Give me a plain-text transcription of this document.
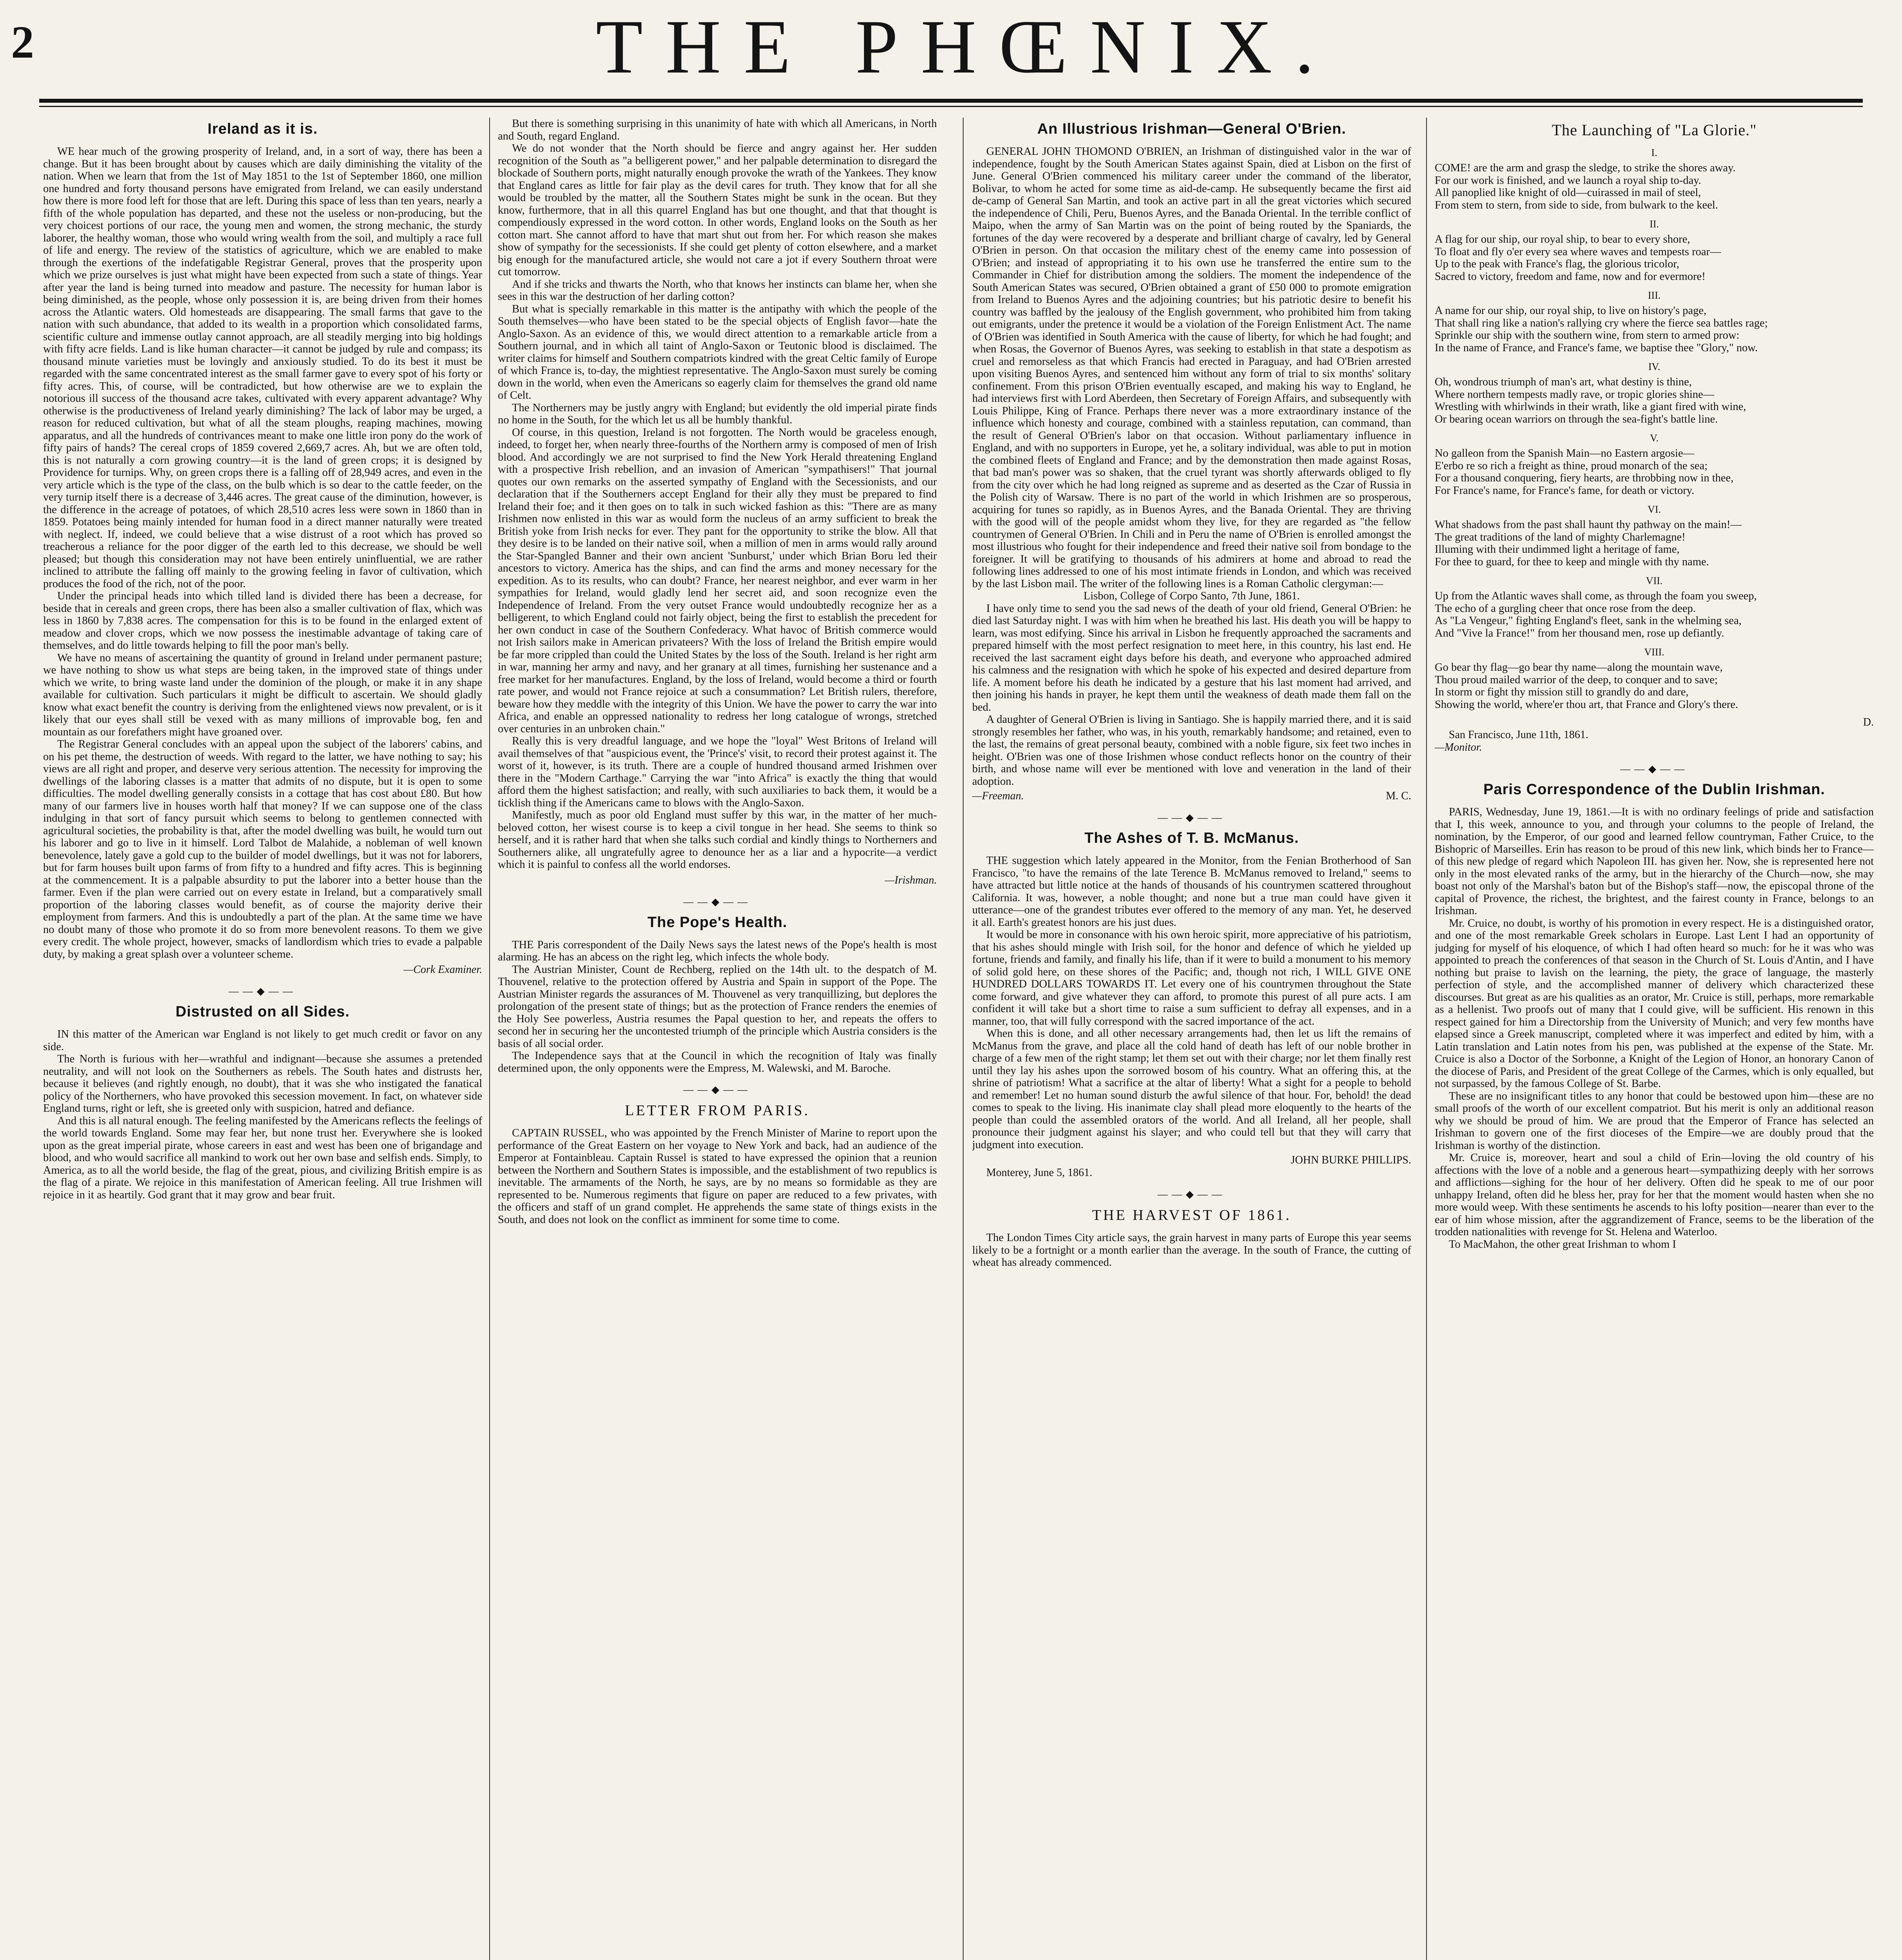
2	THE PHŒNIX.
Ireland as it is.

WE hear much of the growing prosperity of Ireland, and, in a sort of way, there has been a change. But it has been brought about by causes which are daily diminishing the vitality of the nation. When we learn that from the 1st of May 1851 to the 1st of September 1860, one million one hundred and forty thousand persons have emigrated from Ireland, we can easily understand how there is more food left for those that are left. During this space of less than ten years, nearly a fifth of the whole population has departed, and these not the useless or non-producing, but the very choicest portions of our race, the young men and women, the strong mechanic, the sturdy laborer, the healthy woman, those who would wring wealth from the soil, and multiply a race full of life and energy. The review of the statistics of agriculture, which we are enabled to make through the exertions of the indefatigable Registrar General, proves that the prosperity upon which we prize ourselves is just what might have been expected from such a state of things. Year after year the land is being turned into meadow and pasture. The necessity for human labor is being diminished, as the people, whose only possession it is, are being driven from their homes across the Atlantic waters. Old homesteads are disappearing. The small farms that gave to the nation with such abundance, that added to its wealth in a proportion which consolidated farms, scientific culture and immense outlay cannot approach, are all steadily merging into big holdings with fifty acre fields. Land is like human character—it cannot be judged by rule and compass; its thousand minute varieties must be lovingly and anxiously studied. To do its best it must be regarded with the same concentrated interest as the small farmer gave to every spot of his forty or fifty acres. This, of course, will be contradicted, but how otherwise are we to explain the notorious ill success of the thousand acre takes, cultivated with every apparent advantage? Why otherwise is the productiveness of Ireland yearly diminishing? The lack of labor may be urged, a reason for reduced cultivation, but what of all the steam ploughs, reaping machines, mowing apparatus, and all the hundreds of contrivances meant to make one little iron pony do the work of fifty pairs of hands? The cereal crops of 1859 covered 2,669,7 acres. Ah, but we are often told, this is not naturally a corn growing country—it is the land of green crops; it is designed by Providence for turnips. Why, on green crops there is a falling off of 28,949 acres, and even in the very article which is the type of the class, on the bulb which is so dear to the cattle feeder, on the very turnip itself there is a decrease of 3,446 acres. The great cause of the diminution, however, is the difference in the acreage of potatoes, of which 28,510 acres less were sown in 1860 than in 1859. Potatoes being mainly intended for human food in a direct manner naturally were treated with neglect. If, indeed, we could believe that a wise distrust of a root which has proved so treacherous a reliance for the poor digger of the earth led to this decrease, we should be well pleased; but though this consideration may not have been entirely uninfluential, we are rather inclined to attribute the falling off mainly to the growing feeling in favor of cultivation, which produces the food of the rich, not of the poor.

Under the principal heads into which tilled land is divided there has been a decrease, for beside that in cereals and green crops, there has been also a smaller cultivation of flax, which was less in 1860 by 7,838 acres. The compensation for this is to be found in the enlarged extent of meadow and clover crops, which we now possess the inestimable advantage of taking care of themselves, and do little towards helping to fill the poor man's belly.

We have no means of ascertaining the quantity of ground in Ireland under permanent pasture; we have nothing to show us what steps are being taken, in the improved state of things under which we write, to bring waste land under the dominion of the plough, or make it in any shape available for cultivation. Such particulars it might be difficult to ascertain. We should gladly know what exact benefit the country is deriving from the enlightened views now prevalent, or is it likely that our eyes shall still be vexed with as many millions of improvable bog, fen and mountain as our forefathers might have groaned over.

The Registrar General concludes with an appeal upon the subject of the laborers' cabins, and on his pet theme, the destruction of weeds. With regard to the latter, we have nothing to say; his views are all right and proper, and deserve very serious attention. The necessity for improving the dwellings of the laboring classes is a matter that admits of no dispute, but it is open to some difficulties. The model dwelling generally consists in a cottage that has cost about £80. But how many of our farmers live in houses worth half that money? If we can suppose one of the class indulging in that sort of fancy pursuit which seems to belong to gentlemen connected with agricultural societies, the probability is that, after the model dwelling was built, he would turn out his laborer and go to live in it himself. Lord Talbot de Malahide, a nobleman of well known benevolence, lately gave a gold cup to the builder of model dwellings, but it was not for laborers, but for farm houses built upon farms of from fifty to a hundred and fifty acres. This is beginning at the commencement. It is a palpable absurdity to put the laborer into a better house than the farmer. Even if the plan were carried out on every estate in Ireland, but a comparatively small proportion of the laboring classes would benefit, as of course the majority derive their employment from farmers. And this is undoubtedly a part of the plan. At the same time we have no doubt many of those who promote it do so from more benevolent reasons. To them we give every credit. The whole project, however, smacks of landlordism which tries to evade a palpable duty, by making a great splash over a volunteer scheme.

—Cork Examiner.
——◆——
Distrusted on all Sides.

IN this matter of the American war England is not likely to get much credit or favor on any side.

The North is furious with her—wrathful and indignant—because she assumes a pretended neutrality, and will not look on the Southerners as rebels. The South hates and distrusts her, because it believes (and rightly enough, no doubt), that it was she who instigated the fanatical policy of the Northerners, who have provoked this secession movement. In fact, on whatever side England turns, right or left, she is greeted only with suspicion, hatred and defiance.

And this is all natural enough. The feeling manifested by the Americans reflects the feelings of the world towards England. Some may fear her, but none trust her. Everywhere she is looked upon as the great imperial pirate, whose careers in east and west has been one of brigandage and blood, and who would sacrifice all mankind to work out her own base and selfish ends. Simply, to America, as to all the world beside, the flag of the great, pious, and civilizing British empire is as the flag of a pirate. We rejoice in this manifestation of American feeling. All true Irishmen will rejoice in it as heartily. God grant that it may grow and bear fruit.

But there is something surprising in this unanimity of hate with which all Americans, in North and South, regard England.

We do not wonder that the North should be fierce and angry against her. Her sudden recognition of the South as "a belligerent power," and her palpable determination to disregard the blockade of Southern ports, might naturally enough provoke the wrath of the Yankees. They know that England cares as little for fair play as the devil cares for truth. They know that for all she would be troubled by the matter, all the Southern States might be sunk in the ocean. But they know, furthermore, that in all this quarrel England has but one thought, and that that thought is compendiously expressed in the word cotton. In other words, England looks on the South as her cotton mart. She cannot afford to have that mart shut out from her. For which reason she makes show of sympathy for the secessionists. If she could get plenty of cotton elsewhere, and a market big enough for the manufactured article, she would not care a jot if every Southern throat were cut tomorrow.

And if she tricks and thwarts the North, who that knows her instincts can blame her, when she sees in this war the destruction of her darling cotton?

But what is specially remarkable in this matter is the antipathy with which the people of the South themselves—who have been stated to be the special objects of English favor—hate the Anglo-Saxon. As an evidence of this, we would direct attention to a remarkable article from a Southern journal, and in which all taint of Anglo-Saxon or Teutonic blood is disclaimed. The writer claims for himself and Southern compatriots kindred with the great Celtic family of Europe of which France is, to-day, the mightiest representative. The Anglo-Saxon must surely be coming down in the world, when even the Americans so eagerly claim for themselves the grand old name of Celt.

The Northerners may be justly angry with England; but evidently the old imperial pirate finds no home in the South, for the which let us all be humbly thankful.

Of course, in this question, Ireland is not forgotten. The North would be graceless enough, indeed, to forget her, when nearly three-fourths of the Northern army is composed of men of Irish blood. And accordingly we are not surprised to find the New York Herald threatening England with a prospective Irish rebellion, and an invasion of American "sympathisers!" That journal quotes our own remarks on the asserted sympathy of England with the Secessionists, and our declaration that if the Southerners accept England for their ally they must be prepared to find Ireland their foe; and it then goes on to talk in such wicked fashion as this: "There are as many Irishmen now enlisted in this war as would form the nucleus of an army sufficient to break the British yoke from Irish necks for ever. They pant for the opportunity to strike the blow. All that they desire is to be landed on their native soil, when a million of men in arms would rally around the Star-Spangled Banner and their own ancient 'Sunburst,' under which Brian Boru led their ancestors to victory. America has the ships, and can find the arms and money necessary for the expedition. As to its results, who can doubt? France, her nearest neighbor, and ever warm in her sympathies for Ireland, would gladly lend her secret aid, and soon recognize even the Independence of Ireland. From the very outset France would undoubtedly recognize her as a belligerent, to which England could not fairly object, being the first to establish the precedent for her own conduct in case of the Southern Confederacy. What havoc of British commerce would not Irish sailors make in American privateers? With the loss of Ireland the British empire would be far more crippled than could the United States by the loss of the South. Ireland is her right arm in war, manning her army and navy, and her granary at all times, furnishing her sustenance and a free market for her manufactures. England, by the loss of Ireland, would become a third or fourth rate power, and would not France rejoice at such a consummation? Let British rulers, therefore, beware how they meddle with the integrity of this Union. We have the power to carry the war into Africa, and enable an oppressed nationality to redress her long catalogue of wrongs, stretched over centuries in an unbroken chain."

Really this is very dreadful language, and we hope the "loyal" West Britons of Ireland will avail themselves of that "auspicious event, the 'Prince's' visit, to record their protest against it. The worst of it, however, is its truth. There are a couple of hundred thousand armed Irishmen over there in the "Modern Carthage." Carrying the war "into Africa" is exactly the thing that would afford them the highest satisfaction; and really, with such auxiliaries to back them, it would be a ticklish thing if the Americans came to blows with the Anglo-Saxon.

Manifestly, much as poor old England must suffer by this war, in the matter of her much-beloved cotton, her wisest course is to keep a civil tongue in her head. She seems to think so herself, and it is rather hard that when she talks such cordial and kindly things to Northerners and Southerners alike, all ungratefully agree to denounce her as a liar and a hypocrite—a verdict which it is painful to confess all the world endorses.

—Irishman.
——◆——
The Pope's Health.

THE Paris correspondent of the Daily News says the latest news of the Pope's health is most alarming. He has an abcess on the right leg, which infects the whole body.

The Austrian Minister, Count de Rechberg, replied on the 14th ult. to the despatch of M. Thouvenel, relative to the protection offered by Austria and Spain in support of the Pope. The Austrian Minister regards the assurances of M. Thouvenel as very tranquillizing, but deplores the prolongation of the present state of things; but as the protection of France renders the enemies of the Holy See powerless, Austria resumes the Papal question to her, and repeats the offers to second her in securing her the uncontested triumph of the principle which Austria considers is the basis of all social order.

The Independence says that at the Council in which the recognition of Italy was finally determined upon, the only opponents were the Empress, M. Walewski, and M. Baroche.

——◆——
LETTER FROM PARIS.

CAPTAIN RUSSEL, who was appointed by the French Minister of Marine to report upon the performance of the Great Eastern on her voyage to New York and back, had an audience of the Emperor at Fontainbleau. Captain Russel is stated to have expressed the opinion that a reunion between the Northern and Southern States is impossible, and the establishment of two republics is inevitable. The armaments of the North, he says, are by no means so formidable as they are represented to be. Numerous regiments that figure on paper are reduced to a few privates, with the officers and staff of un grand complet. He apprehends the same state of things exists in the South, and does not look on the conflict as imminent for some time to come.

An Illustrious Irishman—General O'Brien.

GENERAL JOHN THOMOND O'BRIEN, an Irishman of distinguished valor in the war of independence, fought by the South American States against Spain, died at Lisbon on the first of June. General O'Brien commenced his military career under the command of the liberator, Bolivar, to whom he acted for some time as aid-de-camp. He subsequently became the first aid de-camp of General San Martin, and took an active part in all the great victories which secured the independence of Chili, Peru, Buenos Ayres, and the Banada Oriental. In the terrible conflict of Maipo, when the army of San Martin was on the point of being routed by the Spaniards, the fortunes of the day were recovered by a desperate and brilliant charge of cavalry, led by General O'Brien in person. On that occasion the military chest of the enemy came into possession of O'Brien; and instead of appropriating it to his own use he transferred the entire sum to the Commander in Chief for distribution among the soldiers. The moment the independence of the South American States was secured, O'Brien obtained a grant of £50 000 to promote emigration from Ireland to Buenos Ayres and the adjoining countries; but his patriotic desire to benefit his country was baffled by the jealousy of the English government, who prohibited him from taking out emigrants, under the pretence it would be a violation of the Foreign Enlistment Act. The name of O'Brien was identified in South America with the cause of liberty, for which he had fought; and when Rosas, the Governor of Buenos Ayres, was seeking to establish in that state a despotism as cruel and remorseless as that which Francis had erected in Paraguay, and had O'Brien arrested upon visiting Buenos Ayres, and sentenced him without any form of trial to six months' solitary confinement. From this prison O'Brien eventually escaped, and making his way to England, he had interviews first with Lord Aberdeen, then Secretary of Foreign Affairs, and subsequently with Louis Philippe, King of France. Perhaps there never was a more extraordinary instance of the influence which honesty and courage, combined with a stainless reputation, can command, than the result of General O'Brien's labor on that occasion. Without parliamentary influence in England, and with no supporters in Europe, yet he, a solitary individual, was able to put in motion the combined fleets of England and France; and by the demonstration then made against Rosas, that bad man's power was so shaken, that the cruel tyrant was shortly afterwards obliged to fly from the city over which he had long reigned as supreme and as deserted as the Czar of Russia in the Polish city of Warsaw. There is no part of the world in which Irishmen are so prosperous, acquiring for tunes so rapidly, as in Buenos Ayres, and the Banada Oriental. They are thriving with the good will of the people amidst whom they live, for they are regarded as "the fellow countrymen of General O'Brien. In Chili and in Peru the name of O'Brien is enrolled amongst the most illustrious who fought for their independence and freed their native soil from bondage to the foreigner. It will be gratifying to thousands of his admirers at home and abroad to read the following lines addressed to one of his most intimate friends in London, and which was received by the last Lisbon mail. The writer of the following lines is a Roman Catholic clergyman:—

Lisbon, College of Corpo Santo, 7th June, 1861.

I have only time to send you the sad news of the death of your old friend, General O'Brien: he died last Saturday night. I was with him when he breathed his last. His death you will be happy to learn, was most edifying. Since his arrival in Lisbon he frequently approached the sacraments and prepared himself with the most perfect resignation to meet here, in this country, his last end. He received the last sacrament eight days before his death, and everyone who approached admired his calmness and the resignation with which he spoke of his expected and desired departure from life. A moment before his death he indicated by a gesture that his last moment had arrived, and then joining his hands in prayer, he kept them until the weakness of death made them fall on the bed.

A daughter of General O'Brien is living in Santiago. She is happily married there, and it is said strongly resembles her father, who was, in his youth, remarkably handsome; and retained, even to the last, the remains of great personal beauty, combined with a noble figure, six feet two inches in height. O'Brien was one of those Irishmen whose conduct reflects honor on the country of their birth, and whose name will ever be mentioned with love and veneration in the land of their adoption.

—Freeman.	M. C.
——◆——
The Ashes of T. B. McManus.

THE suggestion which lately appeared in the Monitor, from the Fenian Brotherhood of San Francisco, "to have the remains of the late Terence B. McManus removed to Ireland," seems to have attracted but little notice at the hands of thousands of his countrymen scattered throughout California. It was, however, a noble thought; and none but a true man could have given it utterance—one of the grandest tributes ever offered to the memory of any man. Yet, he deserved it all. Earth's greatest honors are his just dues.

It would be more in consonance with his own heroic spirit, more appreciative of his patriotism, that his ashes should mingle with Irish soil, for the honor and defence of which he yielded up fortune, friends and family, and finally his life, than if it were to build a monument to his memory of solid gold here, on these shores of the Pacific; and, though not rich, I WILL GIVE ONE HUNDRED DOLLARS TOWARDS IT. Let every one of his countrymen throughout the State come forward, and give whatever they can afford, to promote this purest of all pure acts. I am confident it will take but a short time to raise a sum sufficient to defray all expenses, and in a manner, too, that will fully correspond with the sacred importance of the act.

When this is done, and all other necessary arrangements had, then let us lift the remains of McManus from the grave, and place all the cold hand of death has left of our noble brother in charge of a few men of the right stamp; let them set out with their charge; nor let them finally rest until they lay his ashes upon the sorrowed bosom of his country. What an offering this, at the shrine of patriotism! What a sacrifice at the altar of liberty! What a sight for a people to behold and remember! Let no human sound disturb the awful silence of that hour. For, behold! the dead comes to speak to the living. His inanimate clay shall plead more eloquently to the hearts of the people than could the assembled orators of the world. And all Ireland, all her people, shall pronounce their judgment against his slayer; and who could tell but that they will carry that judgment into execution.

JOHN BURKE PHILLIPS.
Monterey, June 5, 1861.
——◆——
THE HARVEST OF 1861.

The London Times City article says, the grain harvest in many parts of Europe this year seems likely to be a fortnight or a month earlier than the average. In the south of France, the cutting of wheat has already commenced.

The Launching of "La Glorie."
I.
COME! are the arm and grasp the sledge, to strike the shores away.
For our work is finished, and we launch a royal ship to-day.
All panoplied like knight of old—cuirassed in mail of steel,
From stem to stern, from side to side, from bulwark to the keel.
II.
A flag for our ship, our royal ship, to bear to every shore,
To float and fly o'er every sea where waves and tempests roar—
Up to the peak with France's flag, the glorious tricolor,
Sacred to victory, freedom and fame, now and for evermore!
III.
A name for our ship, our royal ship, to live on history's page,
That shall ring like a nation's rallying cry where the fierce sea battles rage;
Sprinkle our ship with the southern wine, from stern to armed prow:
In the name of France, and France's fame, we baptise thee "Glory," now.
IV.
Oh, wondrous triumph of man's art, what destiny is thine,
Where northern tempests madly rave, or tropic glories shine—
Wrestling with whirlwinds in their wrath, like a giant fired with wine,
Or bearing ocean warriors on through the sea-fight's battle line.
V.
No galleon from the Spanish Main—no Eastern argosie—
E'erbo re so rich a freight as thine, proud monarch of the sea;
For a thousand conquering, fiery hearts, are throbbing now in thee,
For France's name, for France's fame, for death or victory.
VI.
What shadows from the past shall haunt thy pathway on the main!—
The great traditions of the land of mighty Charlemagne!
Illuming with their undimmed light a heritage of fame,
For thee to guard, for thee to keep and mingle with thy name.
VII.
Up from the Atlantic waves shall come, as through the foam you sweep,
The echo of a gurgling cheer that once rose from the deep.
As "La Vengeur," fighting England's fleet, sank in the whelming sea,
And "Vive la France!" from her thousand men, rose up defiantly.
VIII.
Go bear thy flag—go bear thy name—along the mountain wave,
Thou proud mailed warrior of the deep, to conquer and to save;
In storm or fight thy mission still to grandly do and dare,
Showing the world, where'er thou art, that France and Glory's there.
D.
San Francisco, June 11th, 1861.
—Monitor.
——◆——
Paris Correspondence of the Dublin Irishman.

PARIS, Wednesday, June 19, 1861.—It is with no ordinary feelings of pride and satisfaction that I, this week, announce to you, and through your columns to the people of Ireland, the nomination, by the Emperor, of our good and learned fellow countryman, Father Cruice, to the Bishopric of Marseilles. Erin has reason to be proud of this new link, which binds her to France—of this new pledge of regard which Napoleon III. has given her. Now, she is represented here not only in the most elevated ranks of the army, but in the hierarchy of the Church—now, she may boast not only of the Marshal's baton but of the Bishop's staff—now, the episcopal throne of the capital of Provence, the richest, the brightest, and the fairest county in France, belongs to an Irishman.

Mr. Cruice, no doubt, is worthy of his promotion in every respect. He is a distinguished orator, and one of the most remarkable Greek scholars in Europe. Last Lent I had an opportunity of judging for myself of his eloquence, of which I had often heard so much: for he it was who was appointed to preach the conferences of that season in the Church of St. Louis d'Antin, and I have nothing but praise to lavish on the learning, the piety, the grace of language, the masterly perfection of style, and the accomplished manner of delivery which characterized these discourses. But great as are his qualities as an orator, Mr. Cruice is still, perhaps, more remarkable as a hellenist. Two proofs out of many that I could give, will be sufficient. His renown in this respect gained for him a Directorship from the University of Munich; and very few months have elapsed since a Greek manuscript, completed where it was imperfect and edited by him, with a Latin translation and Latin notes from his pen, was published at the expense of the State. Mr. Cruice is also a Doctor of the Sorbonne, a Knight of the Legion of Honor, an honorary Canon of the diocese of Paris, and President of the great College of the Carmes, which is only equalled, but not surpassed, by the famous College of St. Barbe.

These are no insignificant titles to any honor that could be bestowed upon him—these are no small proofs of the worth of our excellent compatriot. But his merit is only an additional reason why we should be proud of him. We are proud that the Emperor of France has selected an Irishman to govern one of the first dioceses of the Empire—we are doubly proud that the Irishman is worthy of the distinction.

Mr. Cruice is, moreover, heart and soul a child of Erin—loving the old country of his affections with the love of a noble and a generous heart—sympathizing deeply with her sorrows and afflictions—sighing for the hour of her delivery. Often did he speak to me of our poor unhappy Ireland, often did he bless her, pray for her that the moment would hasten when she no more would weep. With these sentiments he ascends to his lofty position—nearer than ever to the ear of him whose mission, after the aggrandizement of France, seems to be the liberation of the trodden nationalities with revenge for St. Helena and Waterloo.

To MacMahon, the other great Irishman to whom I
